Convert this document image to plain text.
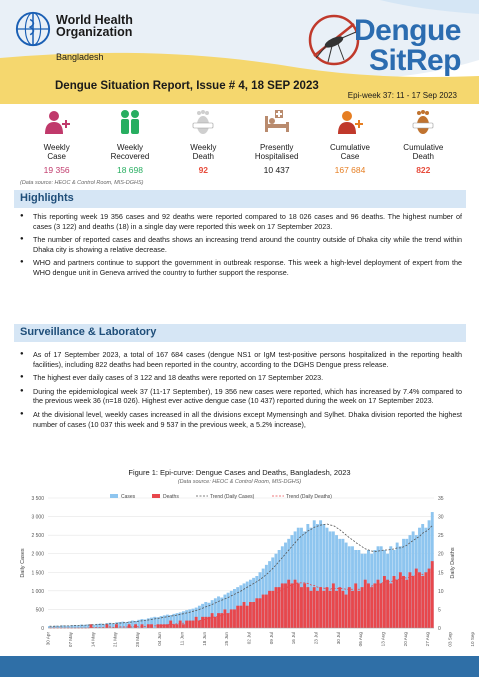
World Health
Organization
Bangladesh
Dengue
SitRep
Dengue Situation Report, Issue # 4, 18 SEP 2023
Epi-week 37: 11 - 17 Sep 2023
Weekly
Case
19 356
Weekly
Recovered
18 698
Weekly
Death
92
Presently
Hospitalised
10 437
Cumulative
Case
167 684
Cumulative
Death
822
(Data source: HEOC & Control Room, MIS-DGHS)
Highlights
● This reporting week 19 356 cases and 92 deaths were reported compared to 18 026 cases and 96 deaths. The highest number of cases (3 122) and deaths (18) in a single day were reported this week on 17 September 2023.
● The number of reported cases and deaths shows an increasing trend around the country outside of Dhaka city while the trend within Dhaka city is showing a relative decrease.
● WHO and partners continue to support the government in outbreak response. This week a high-level deployment of expert from the WHO dengue unit in Geneva arrived the country to further support the response.
Surveillance & Laboratory
● As of 17 September 2023, a total of 167 684 cases (dengue NS1 or IgM test-positive persons hospitalized in the reporting health facilities), including 822 deaths had been reported in the country, according to the DGHS Dengue press release.
● The highest ever daily cases of 3 122 and 18 deaths were reported on 17 September 2023.
● During the epidemiological week 37 (11-17 September), 19 356 new cases were reported, which has increased by 7.4% compared to the previous week 36 (n=18 026). Highest ever active dengue case (10 437) reported during the week on 17 September 2023.
● At the divisional level, weekly cases increased in all the divisions except Mymensingh and Sylhet. Dhaka division reported the highest number of cases (10 037 this week and 9 537 in the previous week, a 5.2% increase),
Figure 1: Epi-curve: Dengue Cases and Deaths, Bangladesh, 2023
(Data source: HEOC & Control Room, MIS-DGHS)
0
500
1 000
1 500
2 000
2 500
3 000
3 500
0
5
10
15
20
25
30
35
30 Apr	07 May	14 May	21 May	28 May	04 Jun	11 Jun	18 Jun	25 Jun	02 Jul	09 Jul	16 Jul	23 Jul	30 Jul	06 Aug	13 Aug	20 Aug	27 Aug	03 Sep	10 Sep
Daily Cases	Daily Deaths
Cases	Deaths	Trend (Daily Cases)	Trend (Daily Deaths)
